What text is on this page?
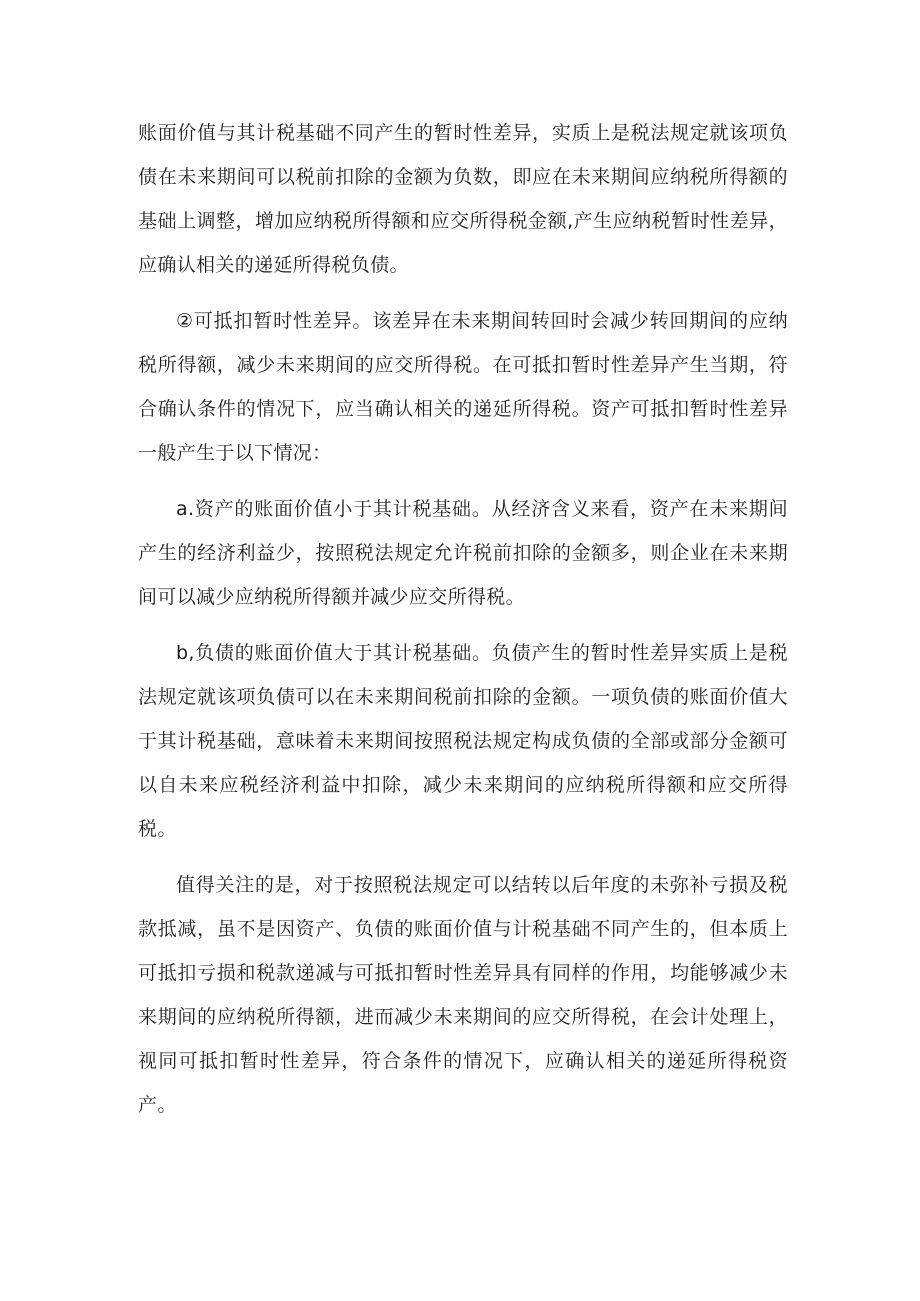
账面价值与其计税基础不同产生的暂时性差异，实质上是税法规定就该项负债在未来期间可以税前扣除的金额为负数，即应在未来期间应纳税所得额的基础上调整，增加应纳税所得额和应交所得税金额,产生应纳税暂时性差异，应确认相关的递延所得税负债。

②可抵扣暂时性差异。该差异在未来期间转回时会减少转回期间的应纳税所得额，减少未来期间的应交所得税。在可抵扣暂时性差异产生当期，符合确认条件的情况下，应当确认相关的递延所得税。资产可抵扣暂时性差异一般产生于以下情况：

a.资产的账面价值小于其计税基础。从经济含义来看，资产在未来期间产生的经济利益少，按照税法规定允许税前扣除的金额多，则企业在未来期间可以减少应纳税所得额并减少应交所得税。

b,负债的账面价值大于其计税基础。负债产生的暂时性差异实质上是税法规定就该项负债可以在未来期间税前扣除的金额。一项负债的账面价值大于其计税基础，意味着未来期间按照税法规定构成负债的全部或部分金额可以自未来应税经济利益中扣除，减少未来期间的应纳税所得额和应交所得税。

值得关注的是，对于按照税法规定可以结转以后年度的未弥补亏损及税款抵减，虽不是因资产、负债的账面价值与计税基础不同产生的，但本质上可抵扣亏损和税款递减与可抵扣暂时性差异具有同样的作用，均能够减少未来期间的应纳税所得额，进而减少未来期间的应交所得税，在会计处理上，视同可抵扣暂时性差异，符合条件的情况下，应确认相关的递延所得税资产。
